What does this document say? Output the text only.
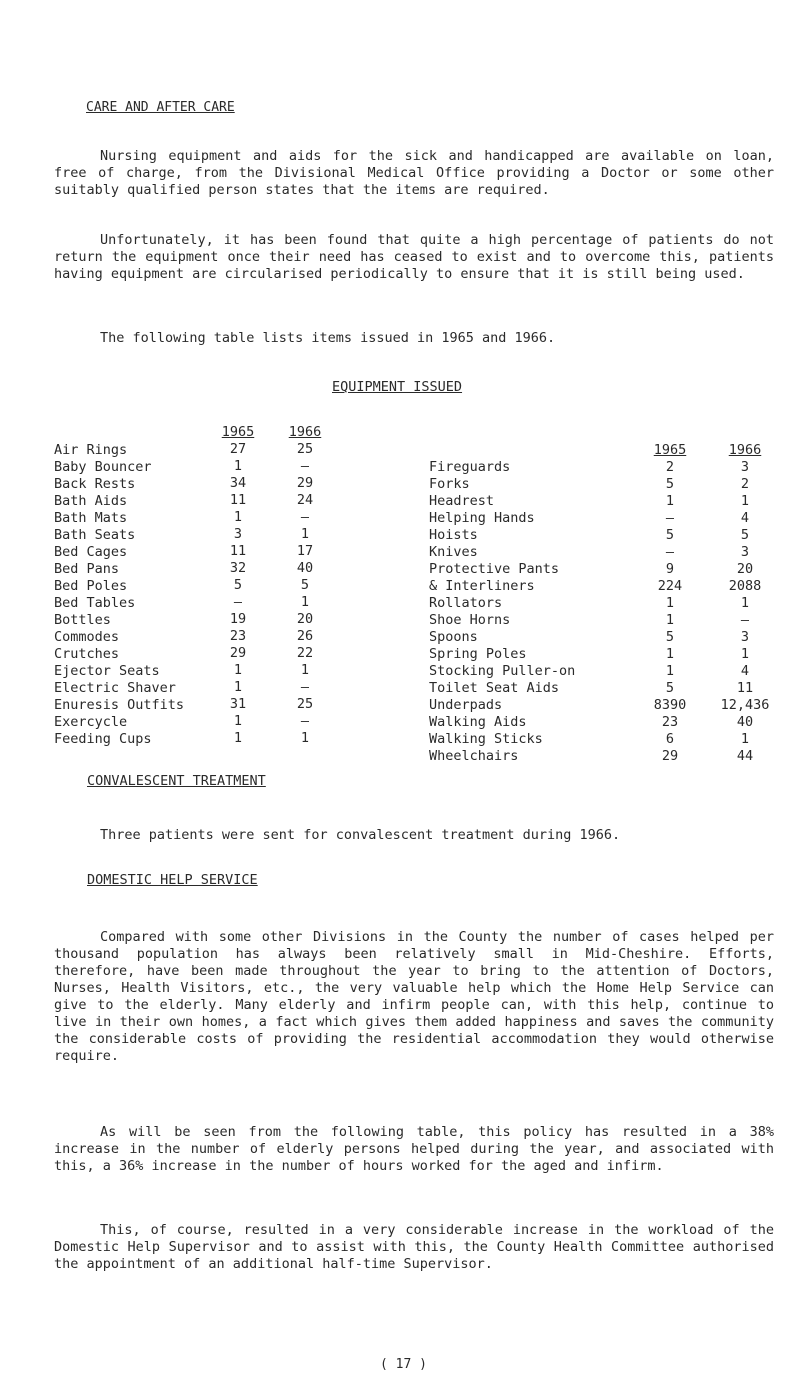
CARE AND AFTER CARE

Nursing equipment and aids for the sick and handicapped are available on loan, free of charge, from the Divisional Medical Office providing a Doctor or some other suitably qualified person states that the items are required.

Unfortunately, it has been found that quite a high percentage of patients do not return the equipment once their need has ceased to exist and to overcome this, patients having equipment are circularised periodically to ensure that it is still being used.

The following table lists items issued in 1965 and 1966.

EQUIPMENT ISSUED
Air Rings
Baby Bouncer
Back Rests
Bath Aids
Bath Mats
Bath Seats
Bed Cages
Bed Pans
Bed Poles
Bed Tables
Bottles
Commodes
Crutches
Ejector Seats
Electric Shaver
Enuresis Outfits
Exercycle
Feeding Cups
1965
27
1
34
11
1
3
11
32
5
–
19
23
29
1
1
31
1
1
1966
25
–
29
24
–
1
17
40
5
1
20
26
22
1
–
25
–
1
Fireguards
Forks
Headrest
Helping Hands
Hoists
Knives
Protective Pants
& Interliners
Rollators
Shoe Horns
Spoons
Spring Poles
Stocking Puller-on
Toilet Seat Aids
Underpads
Walking Aids
Walking Sticks
Wheelchairs
1965
2
5
1
–
5
–
9
224
1
1
5
1
1
5
8390
23
6
29
1966
3
2
1
4
5
3
20
2088
1
–
3
1
4
11
12,436
40
1
44
CONVALESCENT TREATMENT

Three patients were sent for convalescent treatment during 1966.

DOMESTIC HELP SERVICE

Compared with some other Divisions in the County the number of cases helped per thousand population has always been relatively small in Mid-Cheshire. Efforts, therefore, have been made throughout the year to bring to the attention of Doctors, Nurses, Health Visitors, etc., the very valuable help which the Home Help Service can give to the elderly. Many elderly and infirm people can, with this help, continue to live in their own homes, a fact which gives them added happiness and saves the community the considerable costs of providing the residential accommodation they would otherwise require.

As will be seen from the following table, this policy has resulted in a 38% increase in the number of elderly persons helped during the year, and associated with this, a 36% increase in the number of hours worked for the aged and infirm.

This, of course, resulted in a very considerable increase in the workload of the Domestic Help Supervisor and to assist with this, the County Health Committee authorised the appointment of an additional half-time Supervisor.

( 17 )
